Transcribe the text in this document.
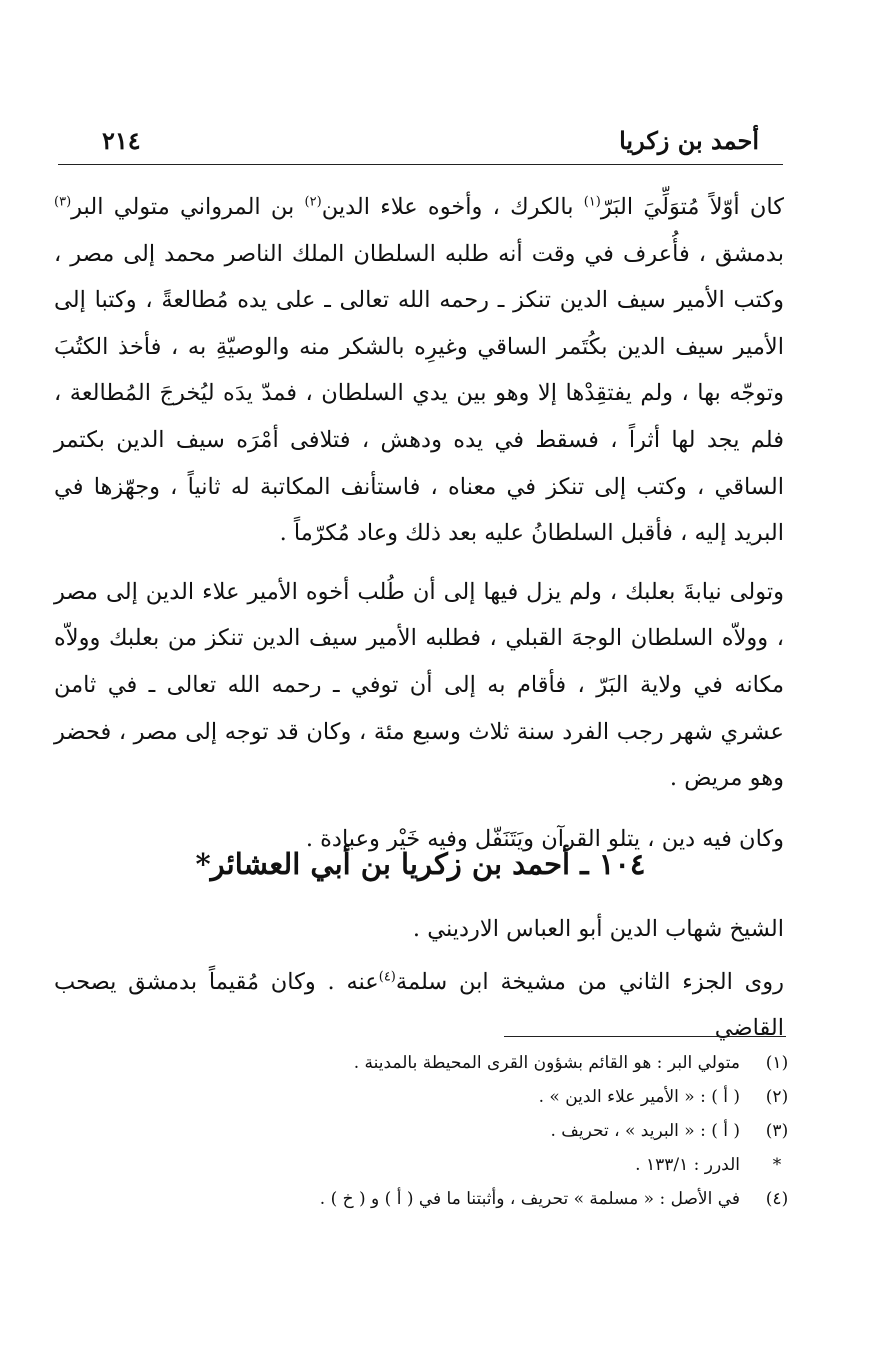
أحمد بن زكريا
٢١٤

كان أوّلاً مُتوَلِّيَ البَرّ$^{(١)}$ بالكرك ، وأخوه علاء الدين$^{(٢)}$ بن المرواني متولي البر$^{(٣)}$ بدمشق ، فأُعرف في وقت أنه طلبه السلطان الملك الناصر محمد إلى مصر ، وكتب الأمير سيف الدين تنكز ـ رحمه الله تعالى ـ على يده مُطالعةً ، وكتبا إلى الأمير سيف الدين بكُتَمر الساقي وغيرِه بالشكر منه والوصيّةِ به ، فأخذ الكتُبَ وتوجّه بها ، ولم يفتقِدْها إلا وهو بين يدي السلطان ، فمدّ يدَه ليُخرجَ المُطالعة ، فلم يجد لها أثراً ، فسقط في يده ودهش ، فتلافى أمْرَه سيف الدين بكتمر الساقي ، وكتب إلى تنكز في معناه ، فاستأنف المكاتبة له ثانياً ، وجهّزها في البريد إليه ، فأقبل السلطانُ عليه بعد ذلك وعاد مُكرّماً .

وتولى نيابةَ بعلبك ، ولم يزل فيها إلى أن طُلب أخوه الأمير علاء الدين إلى مصر ، وولاّه السلطان الوجهَ القبلي ، فطلبه الأمير سيف الدين تنكز من بعلبك وولاّه مكانه في ولاية البَرّ ، فأقام به إلى أن توفي ـ رحمه الله تعالى ـ في ثامن عشري شهر رجب الفرد سنة ثلاث وسبع مئة ، وكان قد توجه إلى مصر ، فحضر وهو مريض .

وكان فيه دين ، يتلو القرآن ويَتَنَفّل وفيه خَيْر وعبادة .

١٠٤ ـ أحمد بن زكريا بن أبي العشائر*

الشيخ شهاب الدين أبو العباس الارديني .

روى الجزء الثاني من مشيخة ابن سلمة$^{(٤)}$عنه . وكان مُقيماً بدمشق يصحب القاضي

(١)
متولي البر : هو القائم بشؤون القرى المحيطة بالمدينة .
(٢)
( أ ) : « الأمير علاء الدين » .
(٣)
( أ ) : « البريد » ، تحريف .
*
الدرر : ١٣٣/١ .
(٤)
في الأصل : « مسلمة » تحريف ، وأثبتنا ما في ( أ ) و ( خ ) .
